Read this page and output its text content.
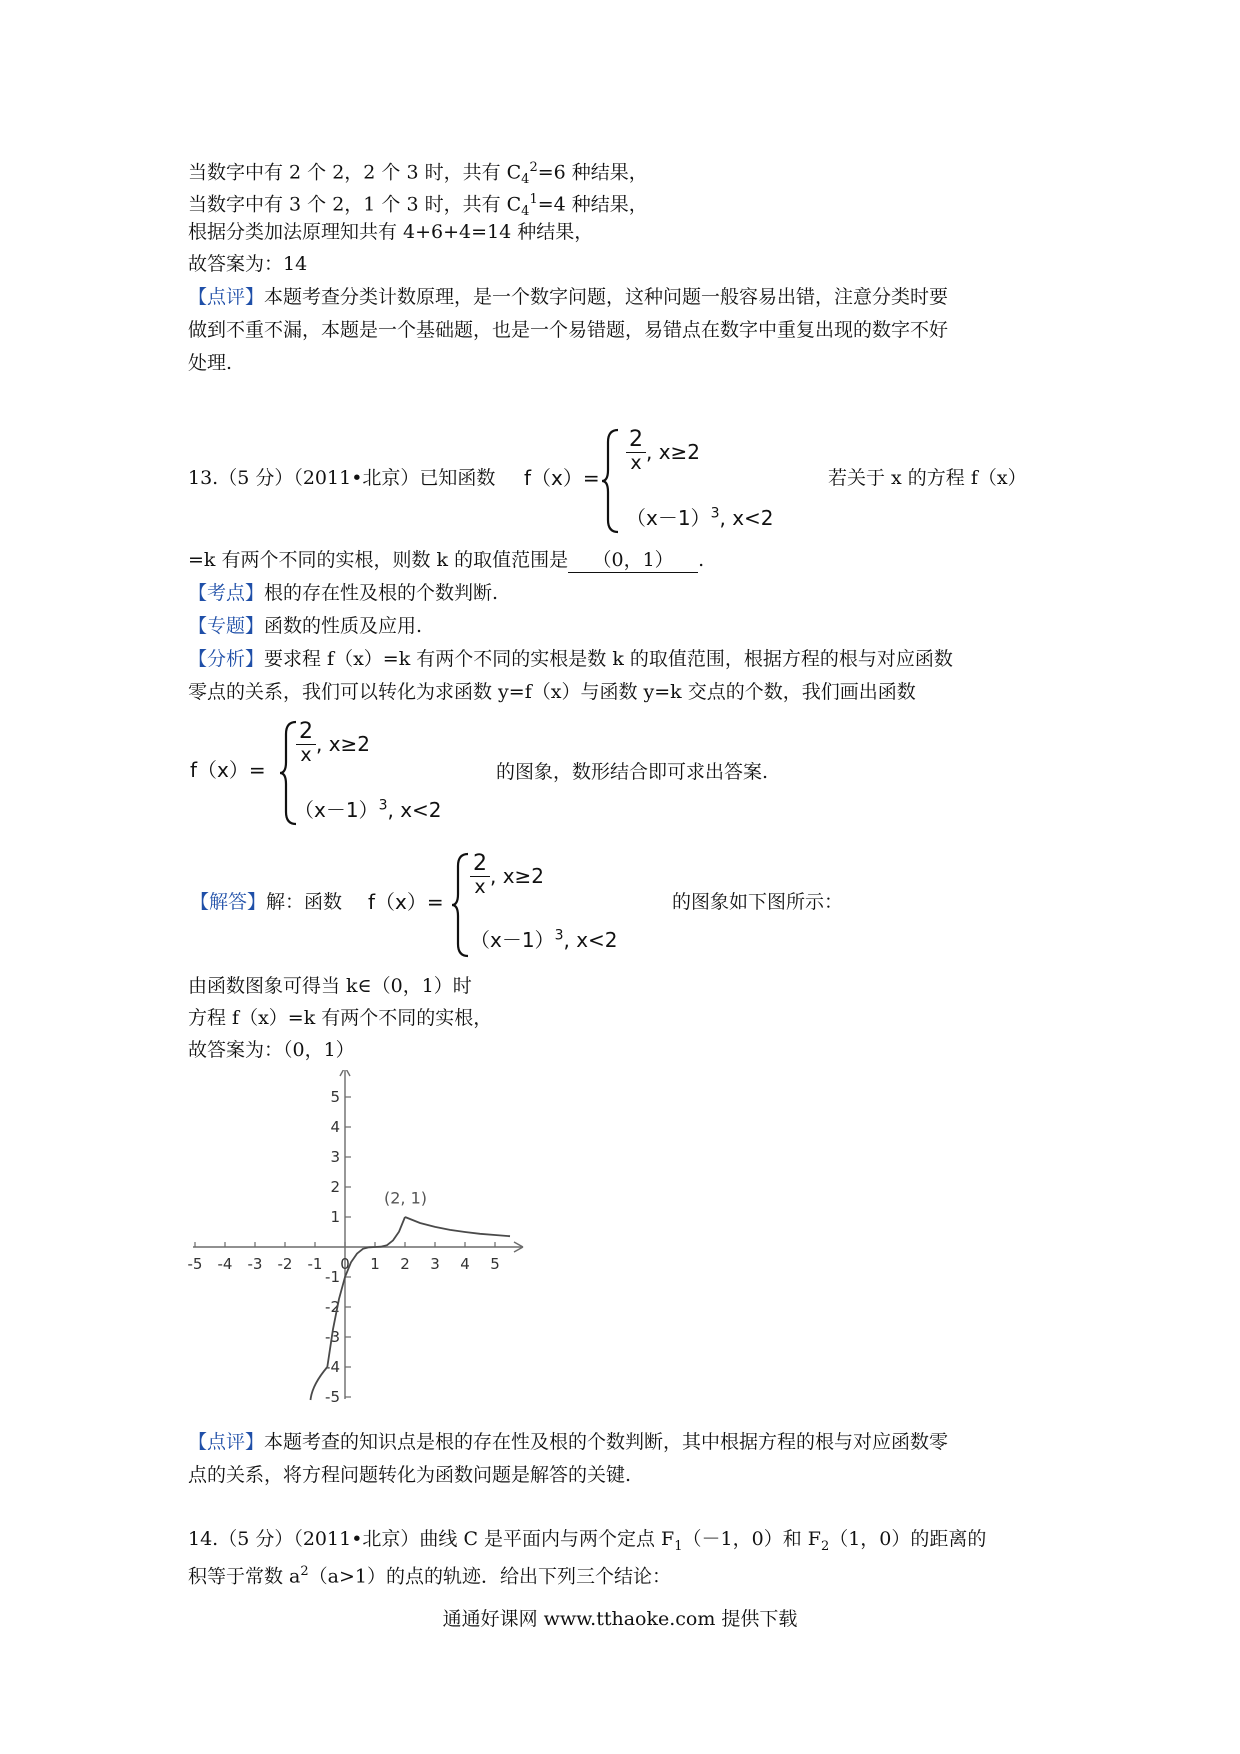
当数字中有 2 个 2，2 个 3 时，共有 $C_4^2=6$ 种结果，
当数字中有 3 个 2，1 个 3 时，共有 $C_4^1=4$ 种结果，
根据分类加法原理知共有 4+6+4=14 种结果，
故答案为：14
【点评】本题考查分类计数原理，是一个数字问题，这种问题一般容易出错，注意分类时要
做到不重不漏，本题是一个基础题，也是一个易错题，易错点在数字中重复出现的数字不好
处理.
13.（5 分）（2011•北京）已知函数 f（x）=
$\frac{2}{x}$ , x≥2
$(x-1)^3$, x<2
若关于 x 的方程 f（x）
=k 有两个不同的实根，则数 k 的取值范围是 （0，1） .
【考点】根的存在性及根的个数判断.
【专题】函数的性质及应用.
【分析】要求程 f（x）=k 有两个不同的实根是数 k 的取值范围，根据方程的根与对应函数
零点的关系，我们可以转化为求函数 y=f（x）与函数 y=k 交点的个数，我们画出函数
f（x）=
$\frac{2}{x}$ , x≥2
$(x-1)^3$, x<2
的图象，数形结合即可求出答案.
【解答】解：函数 f（x）=
$\frac{2}{x}$ , x≥2
$(x-1)^3$, x<2
的图象如下图所示：
由函数图象可得当 k∈（0，1）时
方程 f（x）=k 有两个不同的实根，
故答案为：（0，1）
-5 -4 -3 -2 -1 0 1 2 3 4 5
5
4
3
2
1
-1
-2
-3
-4
-5
(2, 1)
【点评】本题考查的知识点是根的存在性及根的个数判断，其中根据方程的根与对应函数零
点的关系，将方程问题转化为函数问题是解答的关键.
14.（5 分）（2011•北京）曲线 C 是平面内与两个定点 $F_1(-1$，0）和 $F_2(1$，0）的距离的
积等于常数 $a^2(a>1)$的点的轨迹．给出下列三个结论：
通通好课网 www.tthaoke.com 提供下载
